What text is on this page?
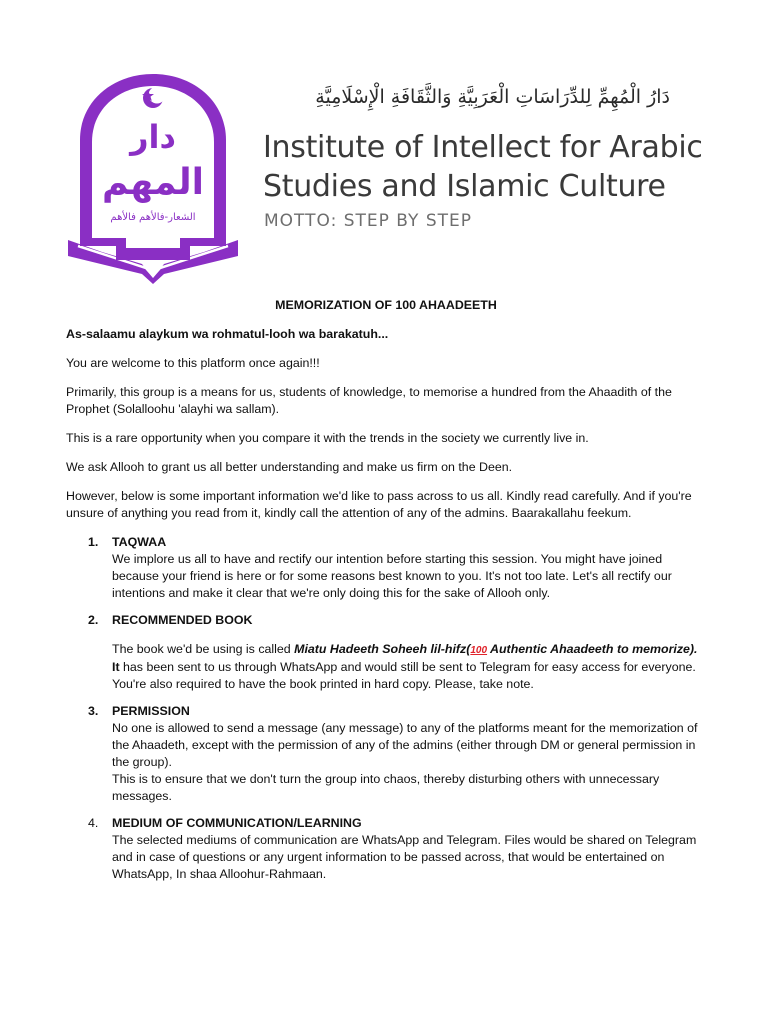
دار
المهم
الشعار-فالأهم فالأهم
دَارُ الْمُهِمِّ لِلدِّرَاسَاتِ الْعَرَبِيَّةِ وَالثَّقَافَةِ الْإِسْلَامِيَّةِ
Institute of Intellect for Arabic
Studies and Islamic Culture
MOTTO: STEP BY STEP
MEMORIZATION OF 100 AHAADEETH

As-salaamu alaykum wa rohmatul-looh wa barakatuh...

You are welcome to this platform once again!!!

Primarily, this group is a means for us, students of knowledge, to memorise a hundred from the Ahaadith of the Prophet (Solalloohu 'alayhi wa sallam).

This is a rare opportunity when you compare it with the trends in the society we currently live in.

We ask Allooh to grant us all better understanding and make us firm on the Deen.

However, below is some important information we'd like to pass across to us all. Kindly read carefully. And if you're unsure of anything you read from it, kindly call the attention of any of the admins. Baarakallahu feekum.

1. TAQWAA
We implore us all to have and rectify our intention before starting this session. You might have joined because your friend is here or for some reasons best known to you. It's not too late. Let's all rectify our intentions and make it clear that we're only doing this for the sake of Allooh only.
2. RECOMMENDED BOOK
The book we'd be using is called Miatu Hadeeth Soheeh lil-hifz(100 Authentic Ahaadeeth to memorize). It has been sent to us through WhatsApp and would still be sent to Telegram for easy access for everyone. You're also required to have the book printed in hard copy. Please, take note.
3. PERMISSION
No one is allowed to send a message (any message) to any of the platforms meant for the memorization of the Ahaadeth, except with the permission of any of the admins (either through DM or general permission in the group).
This is to ensure that we don't turn the group into chaos, thereby disturbing others with unnecessary messages.
4. MEDIUM OF COMMUNICATION/LEARNING
The selected mediums of communication are WhatsApp and Telegram. Files would be shared on Telegram and in case of questions or any urgent information to be passed across, that would be entertained on WhatsApp, In shaa Alloohur-Rahmaan.
